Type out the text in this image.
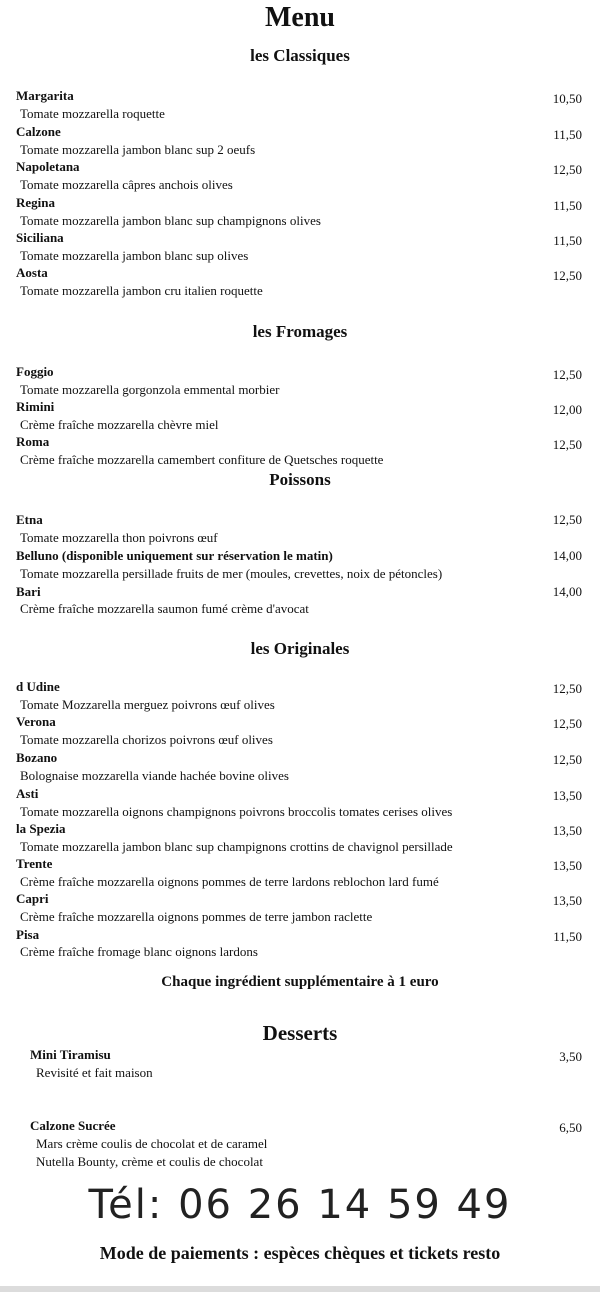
Menu
les Classiques
Margarita	10,50
Tomate mozzarella roquette
Calzone	11,50
Tomate mozzarella jambon blanc sup 2 oeufs
Napoletana	12,50
Tomate mozzarella câpres anchois olives
Regina	11,50
Tomate mozzarella jambon blanc sup champignons olives
Siciliana	11,50
Tomate mozzarella jambon blanc sup olives
Aosta	12,50
Tomate mozzarella jambon cru italien roquette
les Fromages
Foggio	12,50
Tomate mozzarella gorgonzola emmental morbier
Rimini	12,00
Crème fraîche mozzarella chèvre miel
Roma	12,50
Crème fraîche mozzarella camembert confiture de Quetsches roquette
Poissons
Etna	12,50
Tomate mozzarella thon poivrons œuf
Belluno (disponible uniquement sur réservation le matin)	14,00
Tomate mozzarella persillade fruits de mer (moules, crevettes, noix de pétoncles)
Bari	14,00
Crème fraîche mozzarella saumon fumé crème d'avocat
les Originales
d Udine	12,50
Tomate Mozzarella merguez poivrons œuf olives
Verona	12,50
Tomate mozzarella chorizos poivrons œuf olives
Bozano	12,50
Bolognaise mozzarella viande hachée bovine olives
Asti	13,50
Tomate mozzarella oignons champignons poivrons broccolis tomates cerises olives
la Spezia	13,50
Tomate mozzarella jambon blanc sup champignons crottins de chavignol persillade
Trente	13,50
Crème fraîche mozzarella oignons pommes de terre lardons reblochon lard fumé
Capri	13,50
Crème fraîche mozzarella oignons pommes de terre jambon raclette
Pisa	11,50
Crème fraîche fromage blanc oignons lardons
Chaque ingrédient supplémentaire à 1 euro
Desserts
Mini Tiramisu	3,50
Revisité et fait maison
Calzone Sucrée	6,50
Mars crème coulis de chocolat et de caramel
Nutella Bounty, crème et coulis de chocolat
Tél: 06 26 14 59 49
Mode de paiements : espèces chèques et tickets resto
